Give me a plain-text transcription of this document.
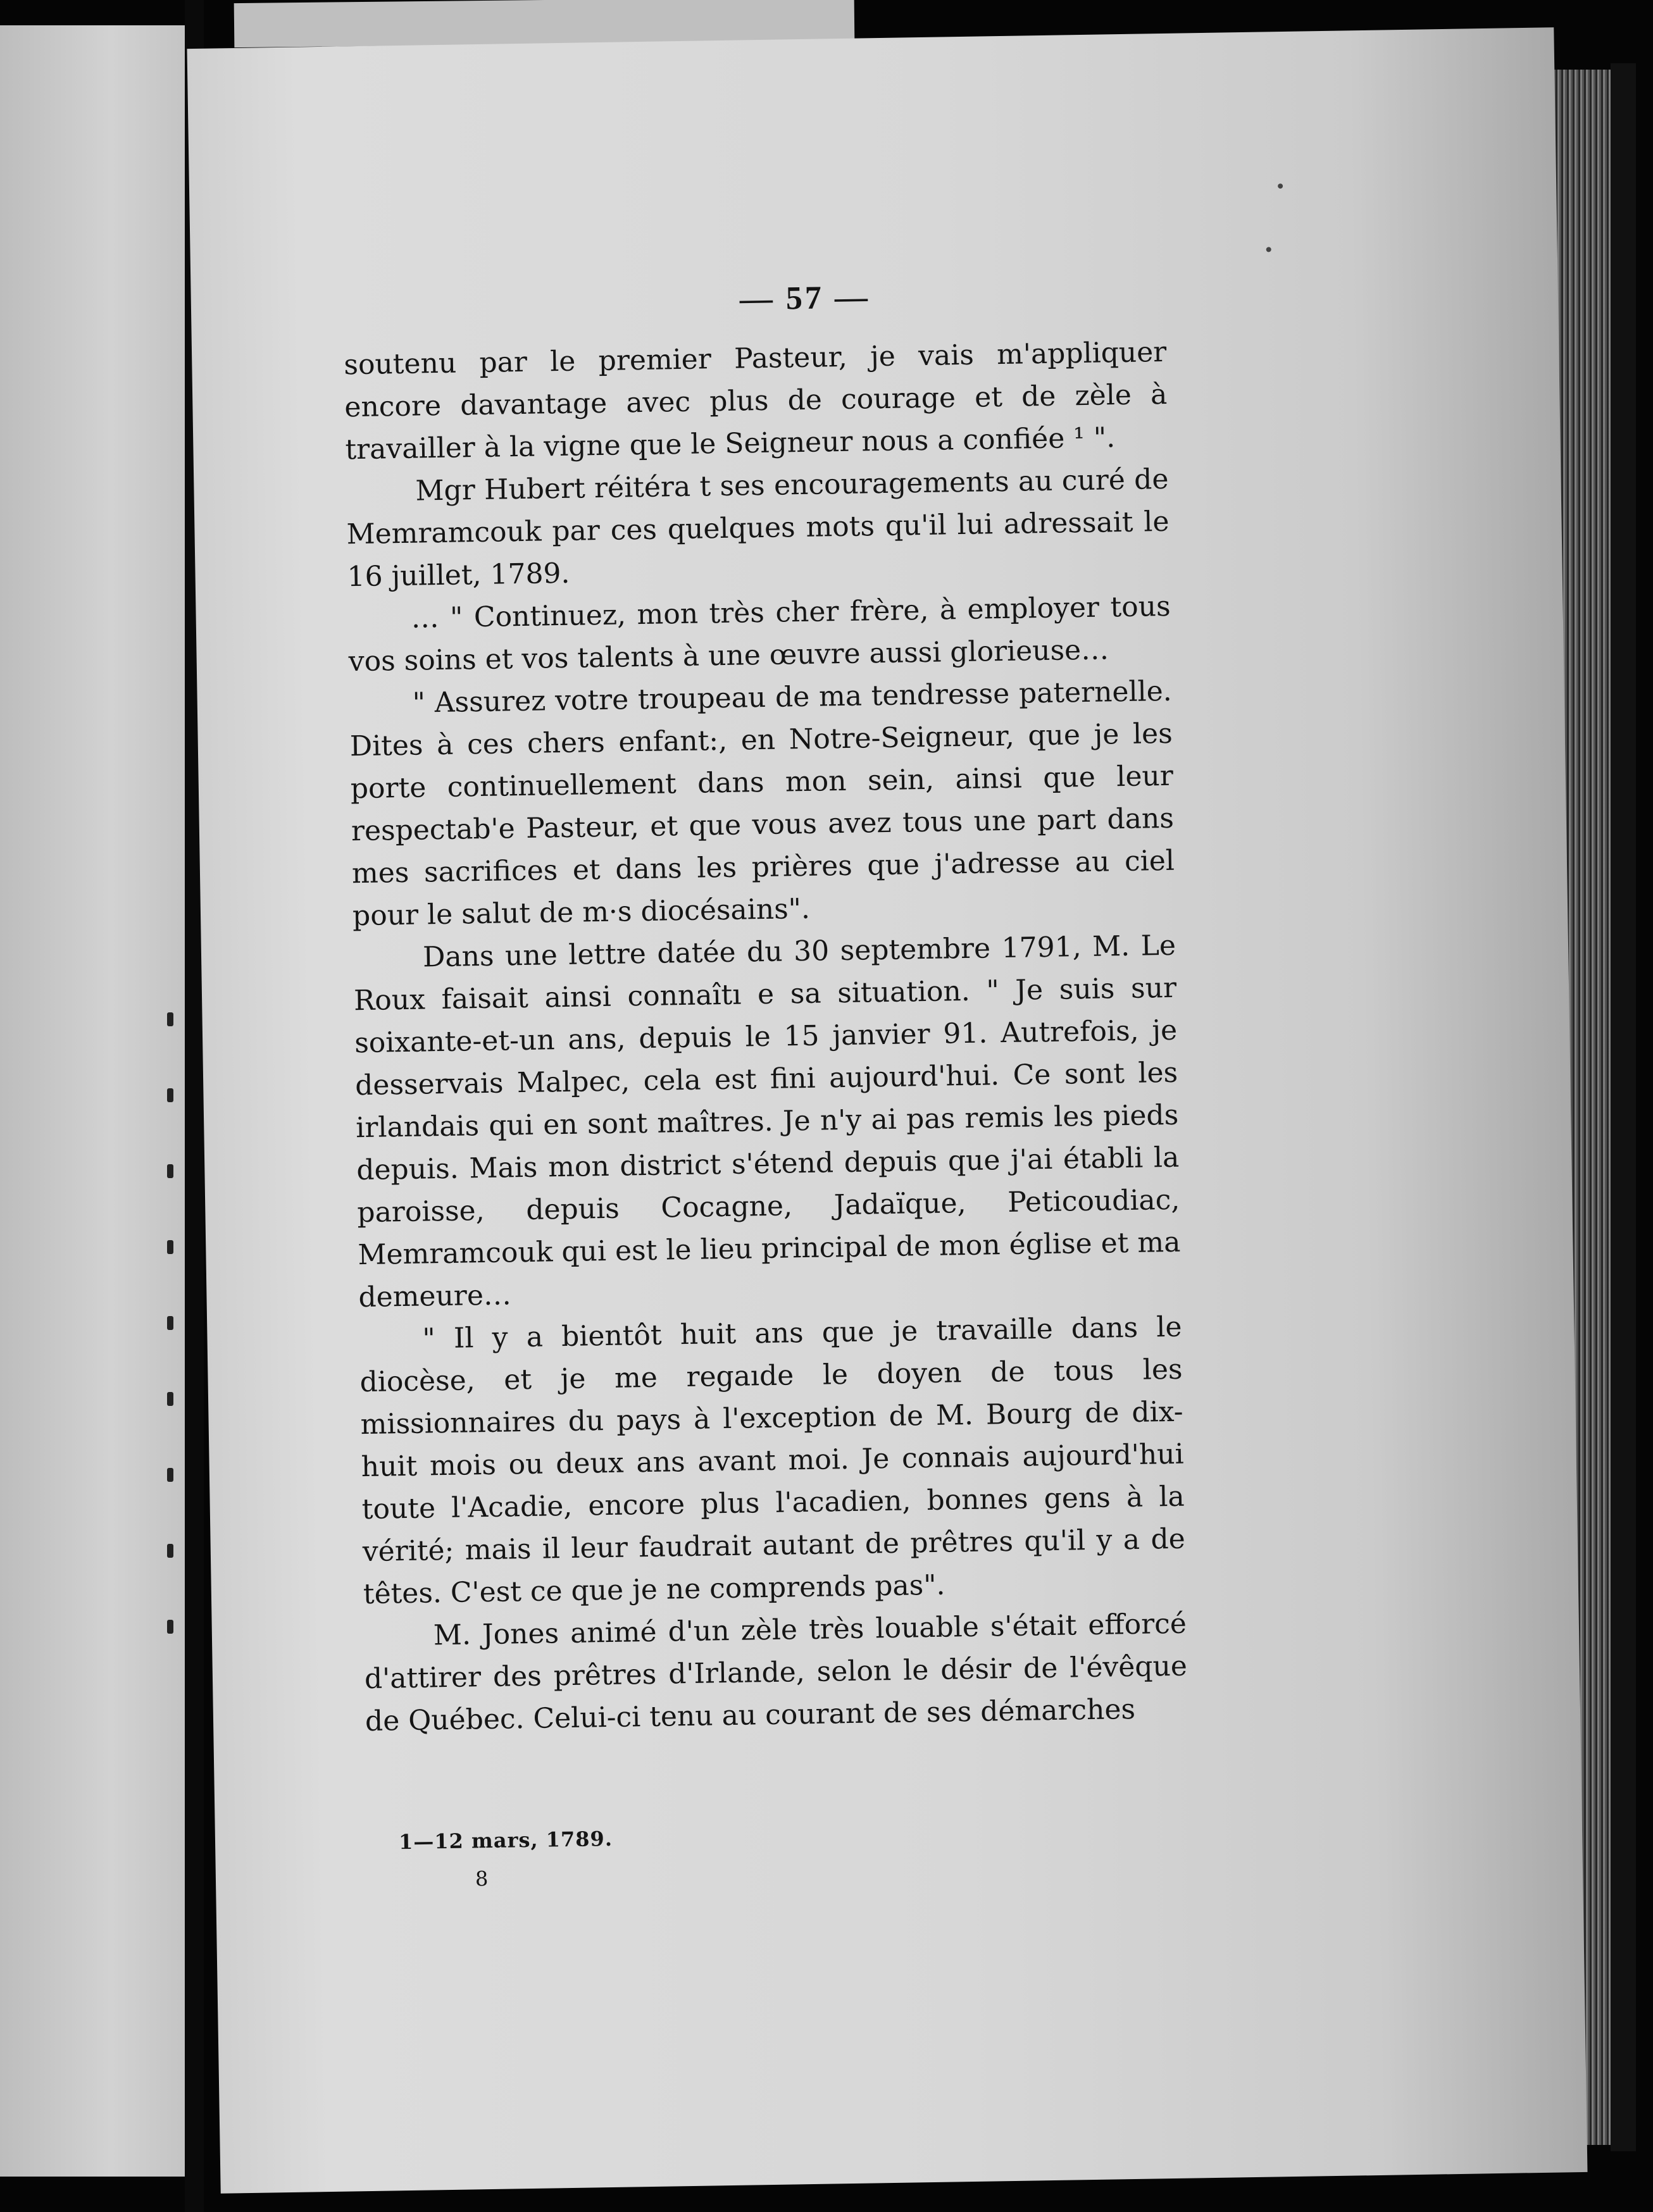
— 57 —

soutenu par le premier Pasteur, je vais m'appliquer encore davantage avec plus de courage et de zèle à travailler à la vigne que le Seigneur nous a confiée ¹ ".

Mgr Hubert réitéra t ses encouragements au curé de Memramcouk par ces quelques mots qu'il lui adressait le 16 juillet, 1789.

… " Continuez, mon très cher frère, à employer tous vos soins et vos talents à une œuvre aussi glorieuse…

" Assurez votre troupeau de ma tendresse paternelle. Dites à ces chers enfant:, en Notre-Seigneur, que je les porte continuellement dans mon sein, ainsi que leur respectab'e Pasteur, et que vous avez tous une part dans mes sacrifices et dans les prières que j'adresse au ciel pour le salut de m·s diocésains".

Dans une lettre datée du 30 septembre 1791, M. Le Roux faisait ainsi connaîtı e sa situation. " Je suis sur soixante-et-un ans, depuis le 15 janvier 91. Autrefois, je desservais Malpec, cela est fini aujourd'hui. Ce sont les irlandais qui en sont maîtres. Je n'y ai pas remis les pieds depuis. Mais mon district s'étend depuis que j'ai établi la paroisse, depuis Cocagne, Jadaïque, Peticoudiac, Memramcouk qui est le lieu principal de mon église et ma demeure…

" Il y a bientôt huit ans que je travaille dans le diocèse, et je me regaıde le doyen de tous les missionnaires du pays à l'exception de M. Bourg de dix-huit mois ou deux ans avant moi. Je connais aujourd'hui toute l'Acadie, encore plus l'acadien, bonnes gens à la vérité; mais il leur faudrait autant de prêtres qu'il y a de têtes. C'est ce que je ne comprends pas".

M. Jones animé d'un zèle très louable s'était efforcé d'attirer des prêtres d'Irlande, selon le désir de l'évêque de Québec. Celui-ci tenu au courant de ses démarches

1—12 mars, 1789.
8
